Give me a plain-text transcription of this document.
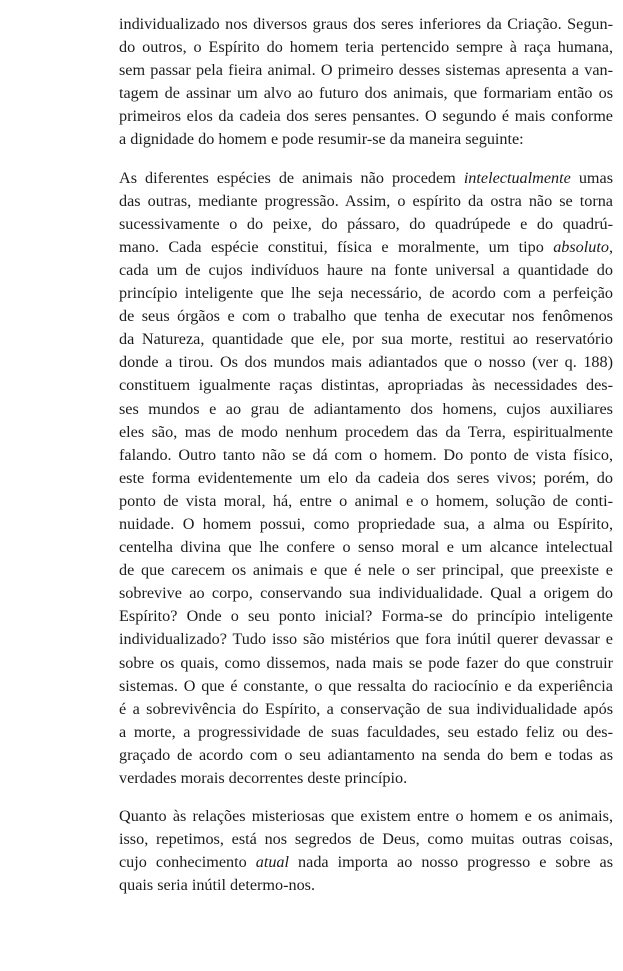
individualizado nos diversos graus dos seres inferiores da Criação. Segun-
do outros, o Espírito do homem teria pertencido sempre à raça humana,
sem passar pela fieira animal. O primeiro desses sistemas apresenta a van-
tagem de assinar um alvo ao futuro dos animais, que formariam então os
primeiros elos da cadeia dos seres pensantes. O segundo é mais conforme
a dignidade do homem e pode resumir-se da maneira seguinte:

As diferentes espécies de animais não procedem intelectualmente umas
das outras, mediante progressão. Assim, o espírito da ostra não se torna
sucessivamente o do peixe, do pássaro, do quadrúpede e do quadrú-
mano. Cada espécie constitui, física e moralmente, um tipo absoluto,
cada um de cujos indivíduos haure na fonte universal a quantidade do
princípio inteligente que lhe seja necessário, de acordo com a perfeição
de seus órgãos e com o trabalho que tenha de executar nos fenômenos
da Natureza, quantidade que ele, por sua morte, restitui ao reservatório
donde a tirou. Os dos mundos mais adiantados que o nosso (ver q. 188)
constituem igualmente raças distintas, apropriadas às necessidades des-
ses mundos e ao grau de adiantamento dos homens, cujos auxiliares
eles são, mas de modo nenhum procedem das da Terra, espiritualmente
falando. Outro tanto não se dá com o homem. Do ponto de vista físico,
este forma evidentemente um elo da cadeia dos seres vivos; porém, do
ponto de vista moral, há, entre o animal e o homem, solução de conti-
nuidade. O homem possui, como propriedade sua, a alma ou Espírito,
centelha divina que lhe confere o senso moral e um alcance intelectual
de que carecem os animais e que é nele o ser principal, que preexiste e
sobrevive ao corpo, conservando sua individualidade. Qual a origem do
Espírito? Onde o seu ponto inicial? Forma-se do princípio inteligente
individualizado? Tudo isso são mistérios que fora inútil querer devassar e
sobre os quais, como dissemos, nada mais se pode fazer do que construir
sistemas. O que é constante, o que ressalta do raciocínio e da experiência
é a sobrevivência do Espírito, a conservação de sua individualidade após
a morte, a progressividade de suas faculdades, seu estado feliz ou des-
graçado de acordo com o seu adiantamento na senda do bem e todas as
verdades morais decorrentes deste princípio.

Quanto às relações misteriosas que existem entre o homem e os animais,
isso, repetimos, está nos segredos de Deus, como muitas outras coisas,
cujo conhecimento atual nada importa ao nosso progresso e sobre as
quais seria inútil determo-nos.
